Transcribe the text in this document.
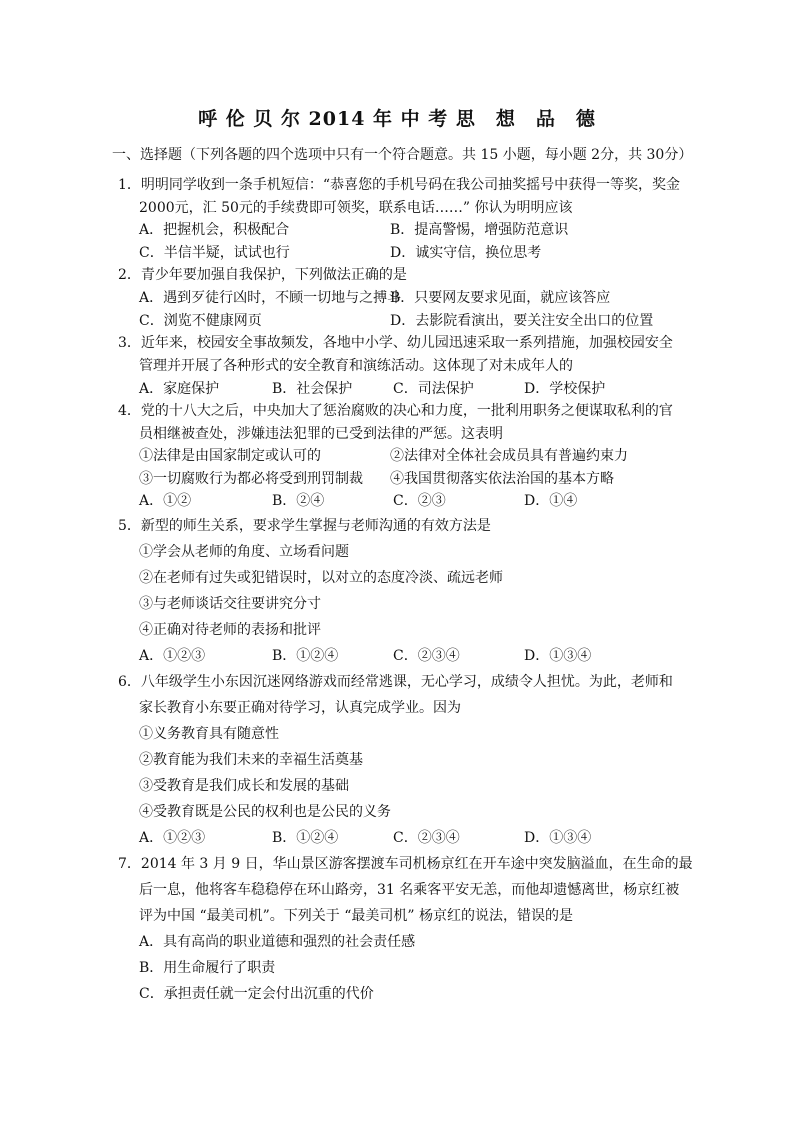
呼 伦 贝 尔 2014 年 中 考 思　想　品　德
一、选择题（下列各题的四个选项中只有一个符合题意。共 15 小题，每小题 2分，共 30分）
1．明明同学收到一条手机短信：“恭喜您的手机号码在我公司抽奖摇号中获得一等奖，奖金
2000元，汇 50元的手续费即可领奖，联系电话……” 你认为明明应该
A．把握机会，积极配合	B．提高警惕，增强防范意识
C．半信半疑，试试也行	D．诚实守信，换位思考
2．青少年要加强自我保护，下列做法正确的是
A．遇到歹徒行凶时，不顾一切地与之搏斗
B．只要网友要求见面，就应该答应
C．浏览不健康网页	D．去影院看演出，要关注安全出口的位置
3．近年来，校园安全事故频发，各地中小学、幼儿园迅速采取一系列措施，加强校园安全
管理并开展了各种形式的安全教育和演练活动。这体现了对未成年人的
A．家庭保护	B．社会保护	C．司法保护	D．学校保护
4．党的十八大之后，中央加大了惩治腐败的决心和力度，一批利用职务之便谋取私利的官
员相继被查处，涉嫌违法犯罪的已受到法律的严惩。这表明
①法律是由国家制定或认可的	②法律对全体社会成员具有普遍约束力
③一切腐败行为都必将受到刑罚制裁 ④我国贯彻落实依法治国的基本方略
A．①②	B．②④	C．②③	D．①④
5．新型的师生关系，要求学生掌握与老师沟通的有效方法是
①学会从老师的角度、立场看问题
②在老师有过失或犯错误时，以对立的态度冷淡、疏远老师
③与老师谈话交往要讲究分寸
④正确对待老师的表扬和批评
A．①②③	B．①②④	C．②③④	D．①③④
6．八年级学生小东因沉迷网络游戏而经常逃课，无心学习，成绩令人担忧。为此，老师和
家长教育小东要正确对待学习，认真完成学业。因为
①义务教育具有随意性
②教育能为我们未来的幸福生活奠基
③受教育是我们成长和发展的基础
④受教育既是公民的权利也是公民的义务
A．①②③	B．①②④	C．②③④	D．①③④
7．2014 年 3 月 9 日，华山景区游客摆渡车司机杨京红在开车途中突发脑溢血，在生命的最
后一息，他将客车稳稳停在环山路旁，31 名乘客平安无恙，而他却遗憾离世，杨京红被
评为中国 “最美司机”。下列关于 “最美司机” 杨京红的说法，错误的是
A．具有高尚的职业道德和强烈的社会责任感
B．用生命履行了职责
C．承担责任就一定会付出沉重的代价
